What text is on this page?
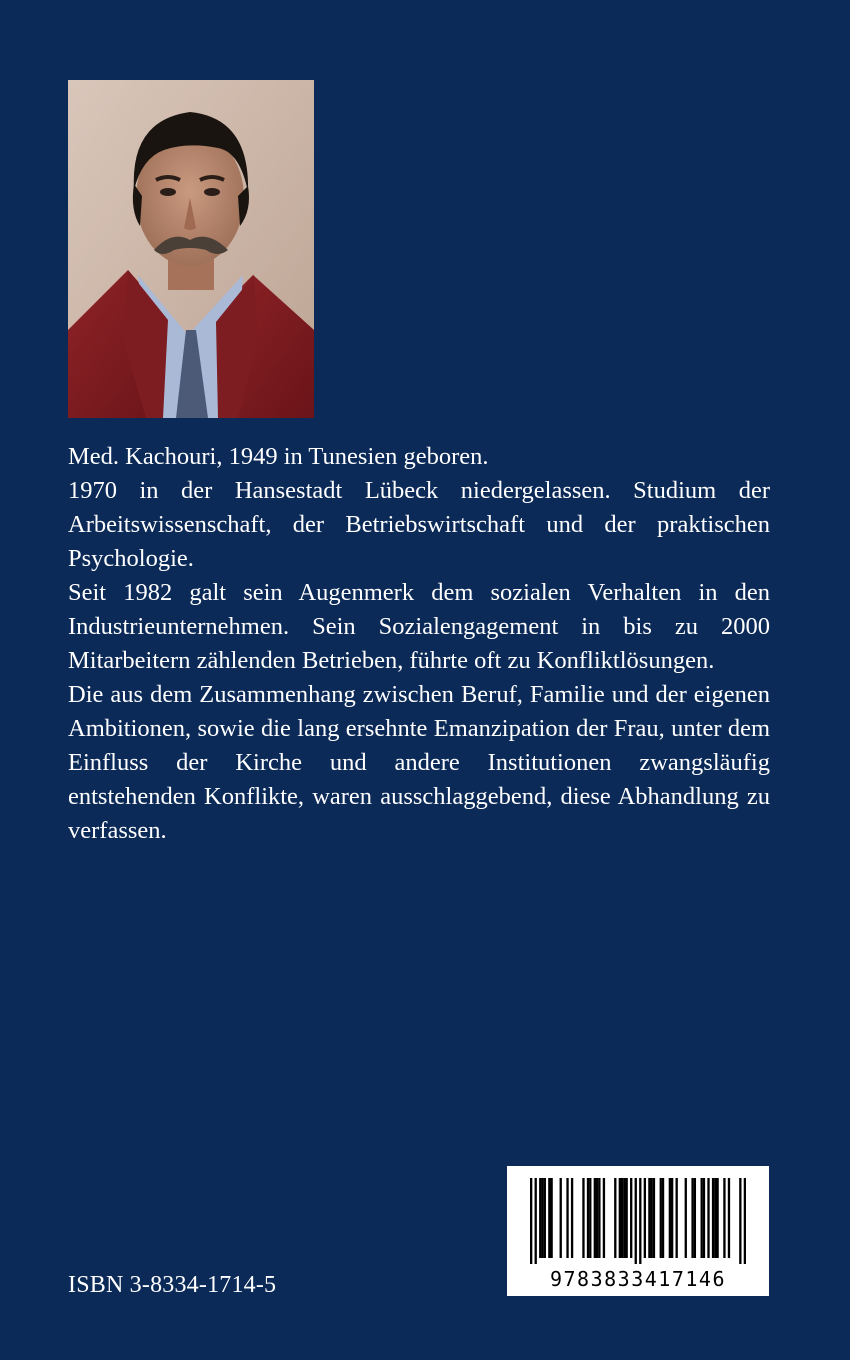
Med. Kachouri, 1949 in Tunesien geboren.

1970 in der Hansestadt Lübeck niedergelassen. Studium der Arbeitswissenschaft, der Betriebswirtschaft und der praktischen Psychologie.

Seit 1982 galt sein Augenmerk dem sozialen Verhalten in den Industrieunternehmen. Sein Sozialengagement in bis zu 2000 Mitarbeitern zählenden Betrieben, führte oft zu Konfliktlösungen.

Die aus dem Zusammenhang zwischen Beruf, Familie und der eigenen Ambitionen, sowie die lang ersehnte Emanzipation der Frau, unter dem Einfluss der Kirche und andere Institutionen zwangsläufig entstehenden Konflikte, waren ausschlaggebend, diese Abhandlung zu verfassen.

ISBN 3-8334-1714-5	9783833417146
